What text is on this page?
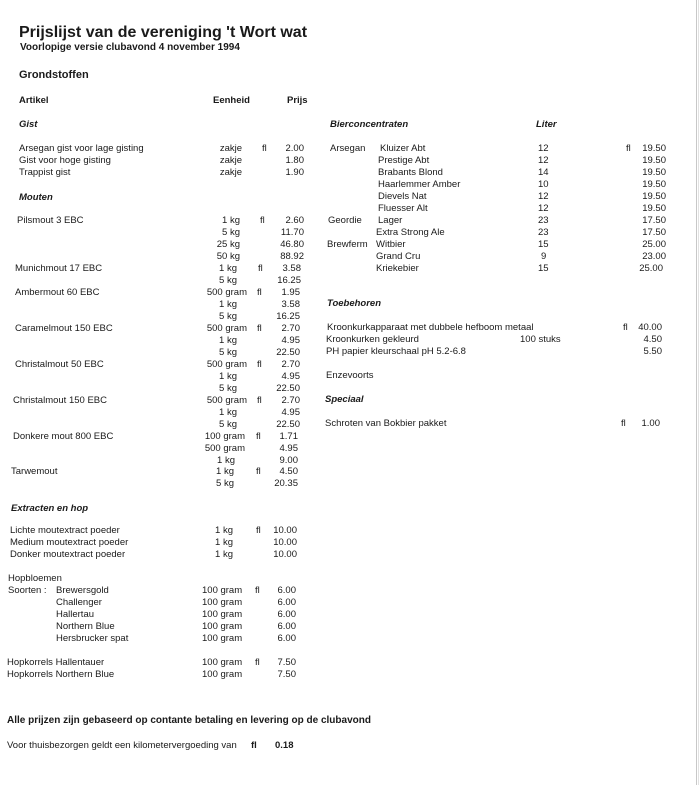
Prijslijst van de vereniging 't Wort wat
Voorlopige versie clubavond 4 november 1994
Grondstoffen
Artikel	Eenheid	Prijs
Gist
Arsegan gist voor lage gisting	zakje fl	2.00
Gist voor hoge gisting	zakje	1.80
Trappist gist	zakje	1.90
Mouten
Pilsmout 3 EBC	1 kg fl	2.60
5 kg	11.70
25 kg	46.80
50 kg	88.92
Munichmout 17 EBC	1 kg fl	3.58
5 kg	16.25
Ambermout 60 EBC	500 gram fl	1.95
1 kg	3.58
5 kg	16.25
Caramelmout 150 EBC	500 gram fl	2.70
1 kg	4.95
5 kg	22.50
Christalmout 50 EBC	500 gram fl	2.70
1 kg	4.95
5 kg	22.50
Christalmout 150 EBC	500 gram fl	2.70
1 kg	4.95
5 kg	22.50
Donkere mout 800 EBC	100 gram fl	1.71
500 gram	4.95
1 kg	9.00
Tarwemout	1 kg fl	4.50
5 kg	20.35
Extracten en hop
Lichte moutextract poeder	1 kg fl	10.00
Medium moutextract poeder	1 kg	10.00
Donker moutextract poeder	1 kg	10.00
Hopbloemen
Soorten : Brewersgold	100 gram fl	6.00
Challenger	100 gram	6.00
Hallertau	100 gram	6.00
Northern Blue	100 gram	6.00
Hersbrucker spat	100 gram	6.00
Hopkorrels Hallentauer	100 gram fl	7.50
Hopkorrels Northern Blue	100 gram	7.50
Bierconcentraten	Liter
Arsegan Kluizer Abt	12	fl	19.50
Prestige Abt	12	19.50
Brabants Blond	14	19.50
Haarlemmer Amber	10	19.50
Dievels Nat	12	19.50
Fluesser Alt	12	19.50
Geordie Lager	23	17.50
Extra Strong Ale	23	17.50
Brewferm Witbier	15	25.00
Grand Cru	9	23.00
Kriekebier	15	25.00
Toebehoren
Kroonkurkapparaat met dubbele hefboom metaal	fl	40.00
Kroonkurken gekleurd	100 stuks	4.50
PH papier kleurschaal pH 5.2-6.8	5.50
Enzevoorts
Speciaal
Schroten van Bokbier pakket	fl	1.00
Alle prijzen zijn gebaseerd op contante betaling en levering op de clubavond
Voor thuisbezorgen geldt een kilometervergoeding van fl 0.18
